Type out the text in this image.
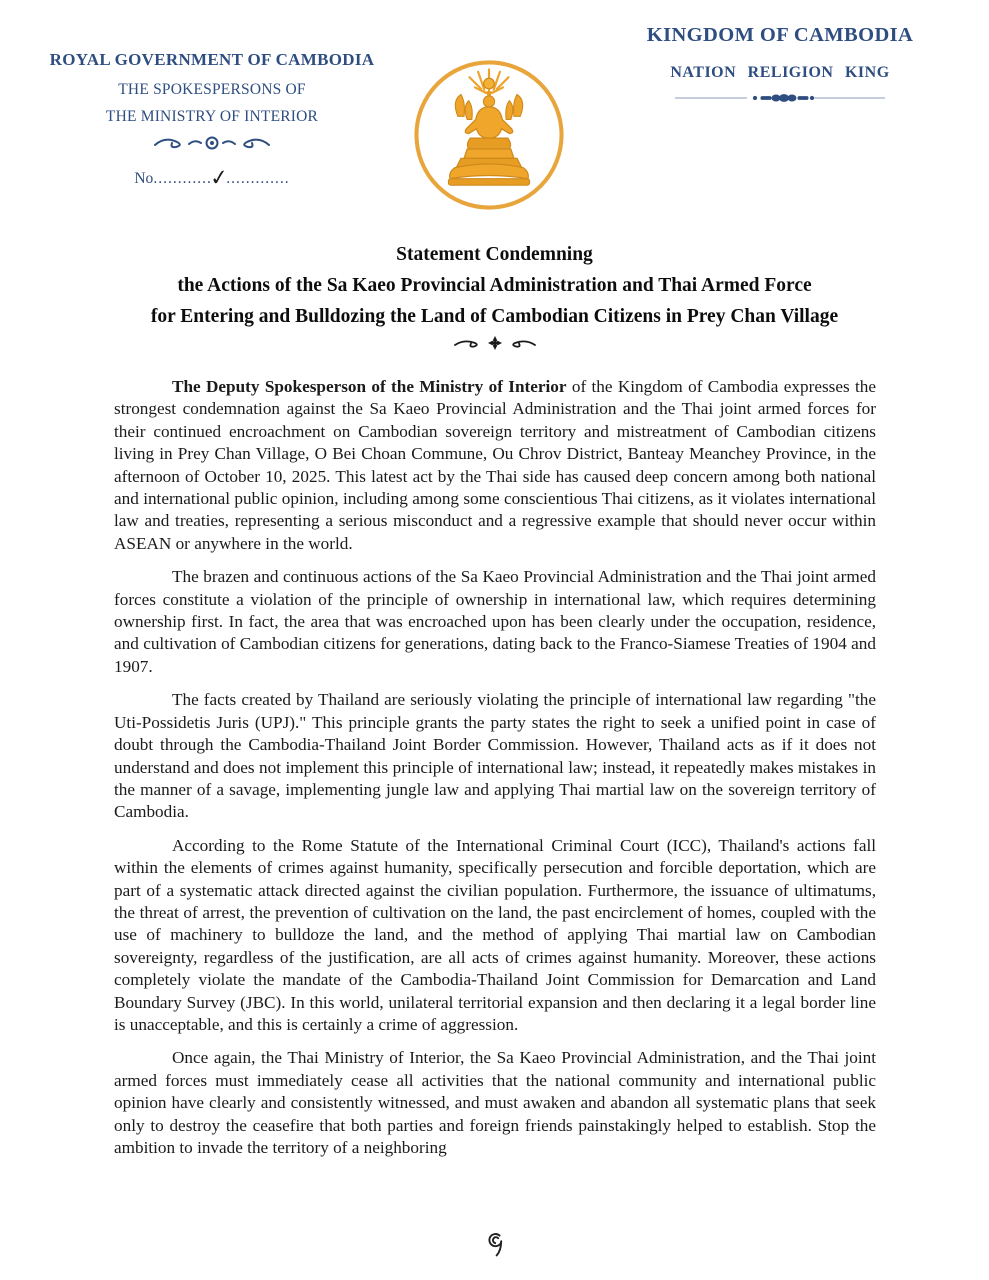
ROYAL GOVERNMENT OF CAMBODIA
THE SPOKESPERSONS OF
THE MINISTRY OF INTERIOR
No............✓.............
KINGDOM OF CAMBODIA
NATION RELIGION KING
Statement Condemning
the Actions of the Sa Kaeo Provincial Administration and Thai Armed Force
for Entering and Bulldozing the Land of Cambodian Citizens in Prey Chan Village

The Deputy Spokesperson of the Ministry of Interior of the Kingdom of Cambodia expresses the strongest condemnation against the Sa Kaeo Provincial Administration and the Thai joint armed forces for their continued encroachment on Cambodian sovereign territory and mistreatment of Cambodian citizens living in Prey Chan Village, O Bei Choan Commune, Ou Chrov District, Banteay Meanchey Province, in the afternoon of October 10, 2025. This latest act by the Thai side has caused deep concern among both national and international public opinion, including among some conscientious Thai citizens, as it violates international law and treaties, representing a serious misconduct and a regressive example that should never occur within ASEAN or anywhere in the world.

The brazen and continuous actions of the Sa Kaeo Provincial Administration and the Thai joint armed forces constitute a violation of the principle of ownership in international law, which requires determining ownership first. In fact, the area that was encroached upon has been clearly under the occupation, residence, and cultivation of Cambodian citizens for generations, dating back to the Franco-Siamese Treaties of 1904 and 1907.

The facts created by Thailand are seriously violating the principle of international law regarding "the Uti-Possidetis Juris (UPJ)." This principle grants the party states the right to seek a unified point in case of doubt through the Cambodia-Thailand Joint Border Commission. However, Thailand acts as if it does not understand and does not implement this principle of international law; instead, it repeatedly makes mistakes in the manner of a savage, implementing jungle law and applying Thai martial law on the sovereign territory of Cambodia.

According to the Rome Statute of the International Criminal Court (ICC), Thailand's actions fall within the elements of crimes against humanity, specifically persecution and forcible deportation, which are part of a systematic attack directed against the civilian population. Furthermore, the issuance of ultimatums, the threat of arrest, the prevention of cultivation on the land, the past encirclement of homes, coupled with the use of machinery to bulldoze the land, and the method of applying Thai martial law on Cambodian sovereignty, regardless of the justification, are all acts of crimes against humanity. Moreover, these actions completely violate the mandate of the Cambodia-Thailand Joint Commission for Demarcation and Land Boundary Survey (JBC). In this world, unilateral territorial expansion and then declaring it a legal border line is unacceptable, and this is certainly a crime of aggression.

Once again, the Thai Ministry of Interior, the Sa Kaeo Provincial Administration, and the Thai joint armed forces must immediately cease all activities that the national community and international public opinion have clearly and consistently witnessed, and must awaken and abandon all systematic plans that seek only to destroy the ceasefire that both parties and foreign friends painstakingly helped to establish. Stop the ambition to invade the territory of a neighboring
